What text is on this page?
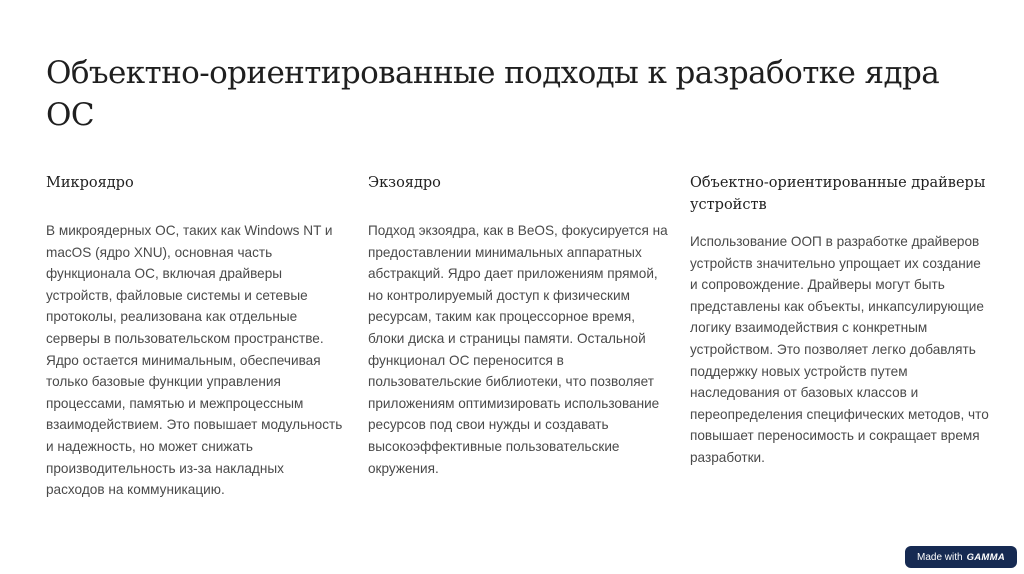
Объектно-ориентированные подходы к разработке ядра ОС
Микроядро

В микроядерных ОС, таких как Windows NT и macOS (ядро XNU), основная часть функционала ОС, включая драйверы устройств, файловые системы и сетевые протоколы, реализована как отдельные серверы в пользовательском пространстве. Ядро остается минимальным, обеспечивая только базовые функции управления процессами, памятью и межпроцессным взаимодействием. Это повышает модульность и надежность, но может снижать производительность из-за накладных расходов на коммуникацию.

Экзоядро

Подход экзоядра, как в BeOS, фокусируется на предоставлении минимальных аппаратных абстракций. Ядро дает приложениям прямой, но контролируемый доступ к физическим ресурсам, таким как процессорное время, блоки диска и страницы памяти. Остальной функционал ОС переносится в пользовательские библиотеки, что позволяет приложениям оптимизировать использование ресурсов под свои нужды и создавать высокоэффективные пользовательские окружения.

Объектно-ориентированные драйверы устройств

Использование ООП в разработке драйверов устройств значительно упрощает их создание и сопровождение. Драйверы могут быть представлены как объекты, инкапсулирующие логику взаимодействия с конкретным устройством. Это позволяет легко добавлять поддержку новых устройств путем наследования от базовых классов и переопределения специфических методов, что повышает переносимость и сокращает время разработки.

Made with GAMMA
